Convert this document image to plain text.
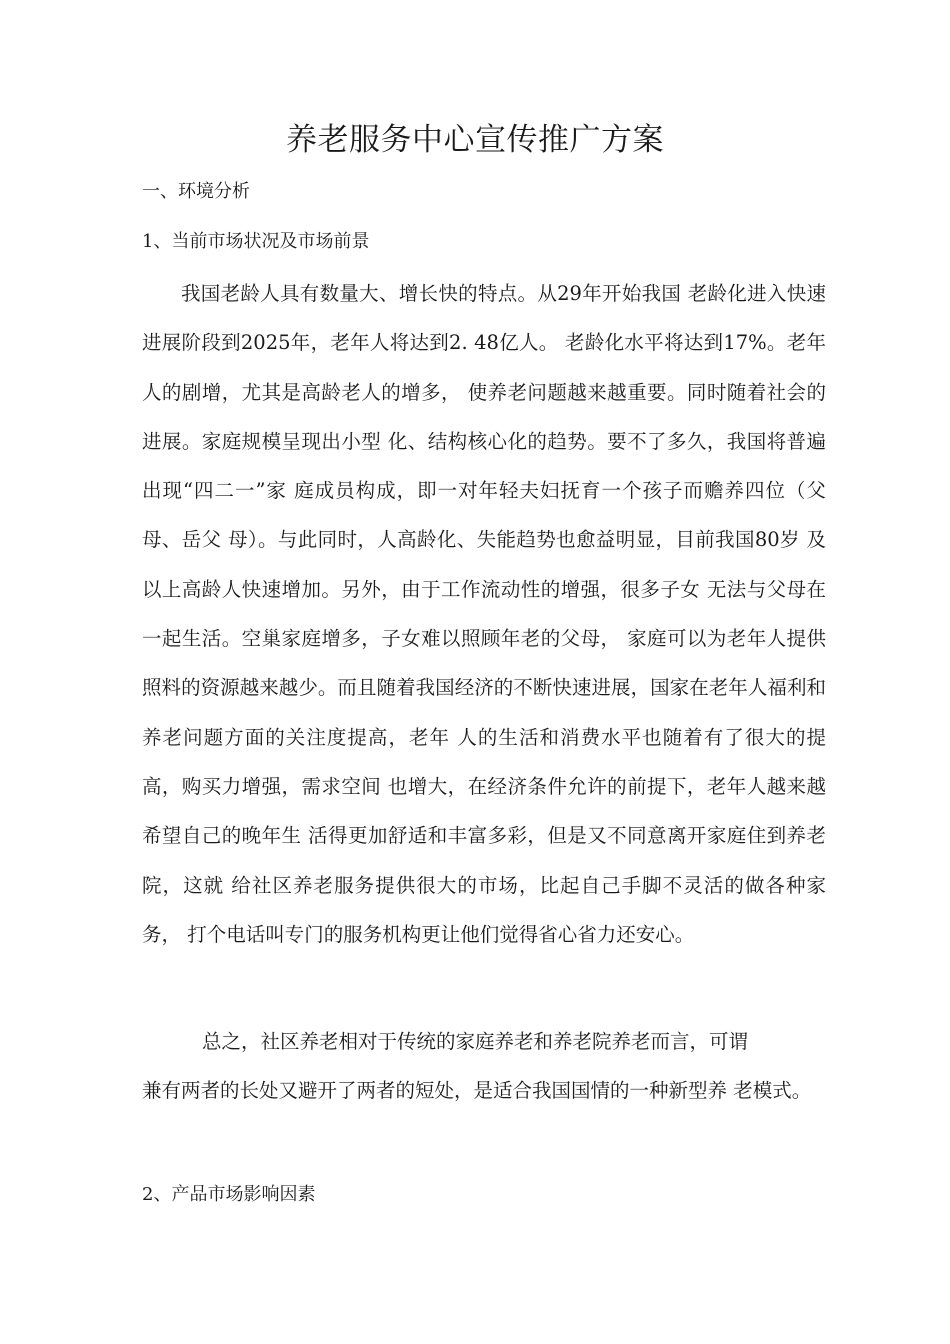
养老服务中心宣传推广方案
一、环境分析
1、当前市场状况及市场前景

我国老龄人具有数量大、增长快的特点。从29年开始我国 老龄化进入快速进展阶段到2025年，老年人将达到2. 48亿人。 老龄化水平将达到17%。老年人的剧增，尤其是高龄老人的增多， 使养老问题越来越重要。同时随着社会的进展。家庭规模呈现出小型 化、结构核心化的趋势。要不了多久，我国将普遍出现“四二一”家 庭成员构成，即一对年轻夫妇抚育一个孩子而赡养四位（父母、岳父 母）。与此同时，人高龄化、失能趋势也愈益明显，目前我国80岁 及以上高龄人快速增加。另外，由于工作流动性的增强，很多子女 无法与父母在一起生活。空巢家庭增多，子女难以照顾年老的父母， 家庭可以为老年人提供照料的资源越来越少。而且随着我国经济的不断快速进展，国家在老年人福利和养老问题方面的关注度提高，老年 人的生活和消费水平也随着有了很大的提高，购买力增强，需求空间 也增大，在经济条件允许的前提下，老年人越来越希望自己的晚年生 活得更加舒适和丰富多彩，但是又不同意离开家庭住到养老院，这就 给社区养老服务提供很大的市场，比起自己手脚不灵活的做各种家务， 打个电话叫专门的服务机构更让他们觉得省心省力还安心。

总之，社区养老相对于传统的家庭养老和养老院养老而言，可谓
兼有两者的长处又避开了两者的短处，是适合我国国情的一种新型养 老模式。

2、产品市场影响因素
